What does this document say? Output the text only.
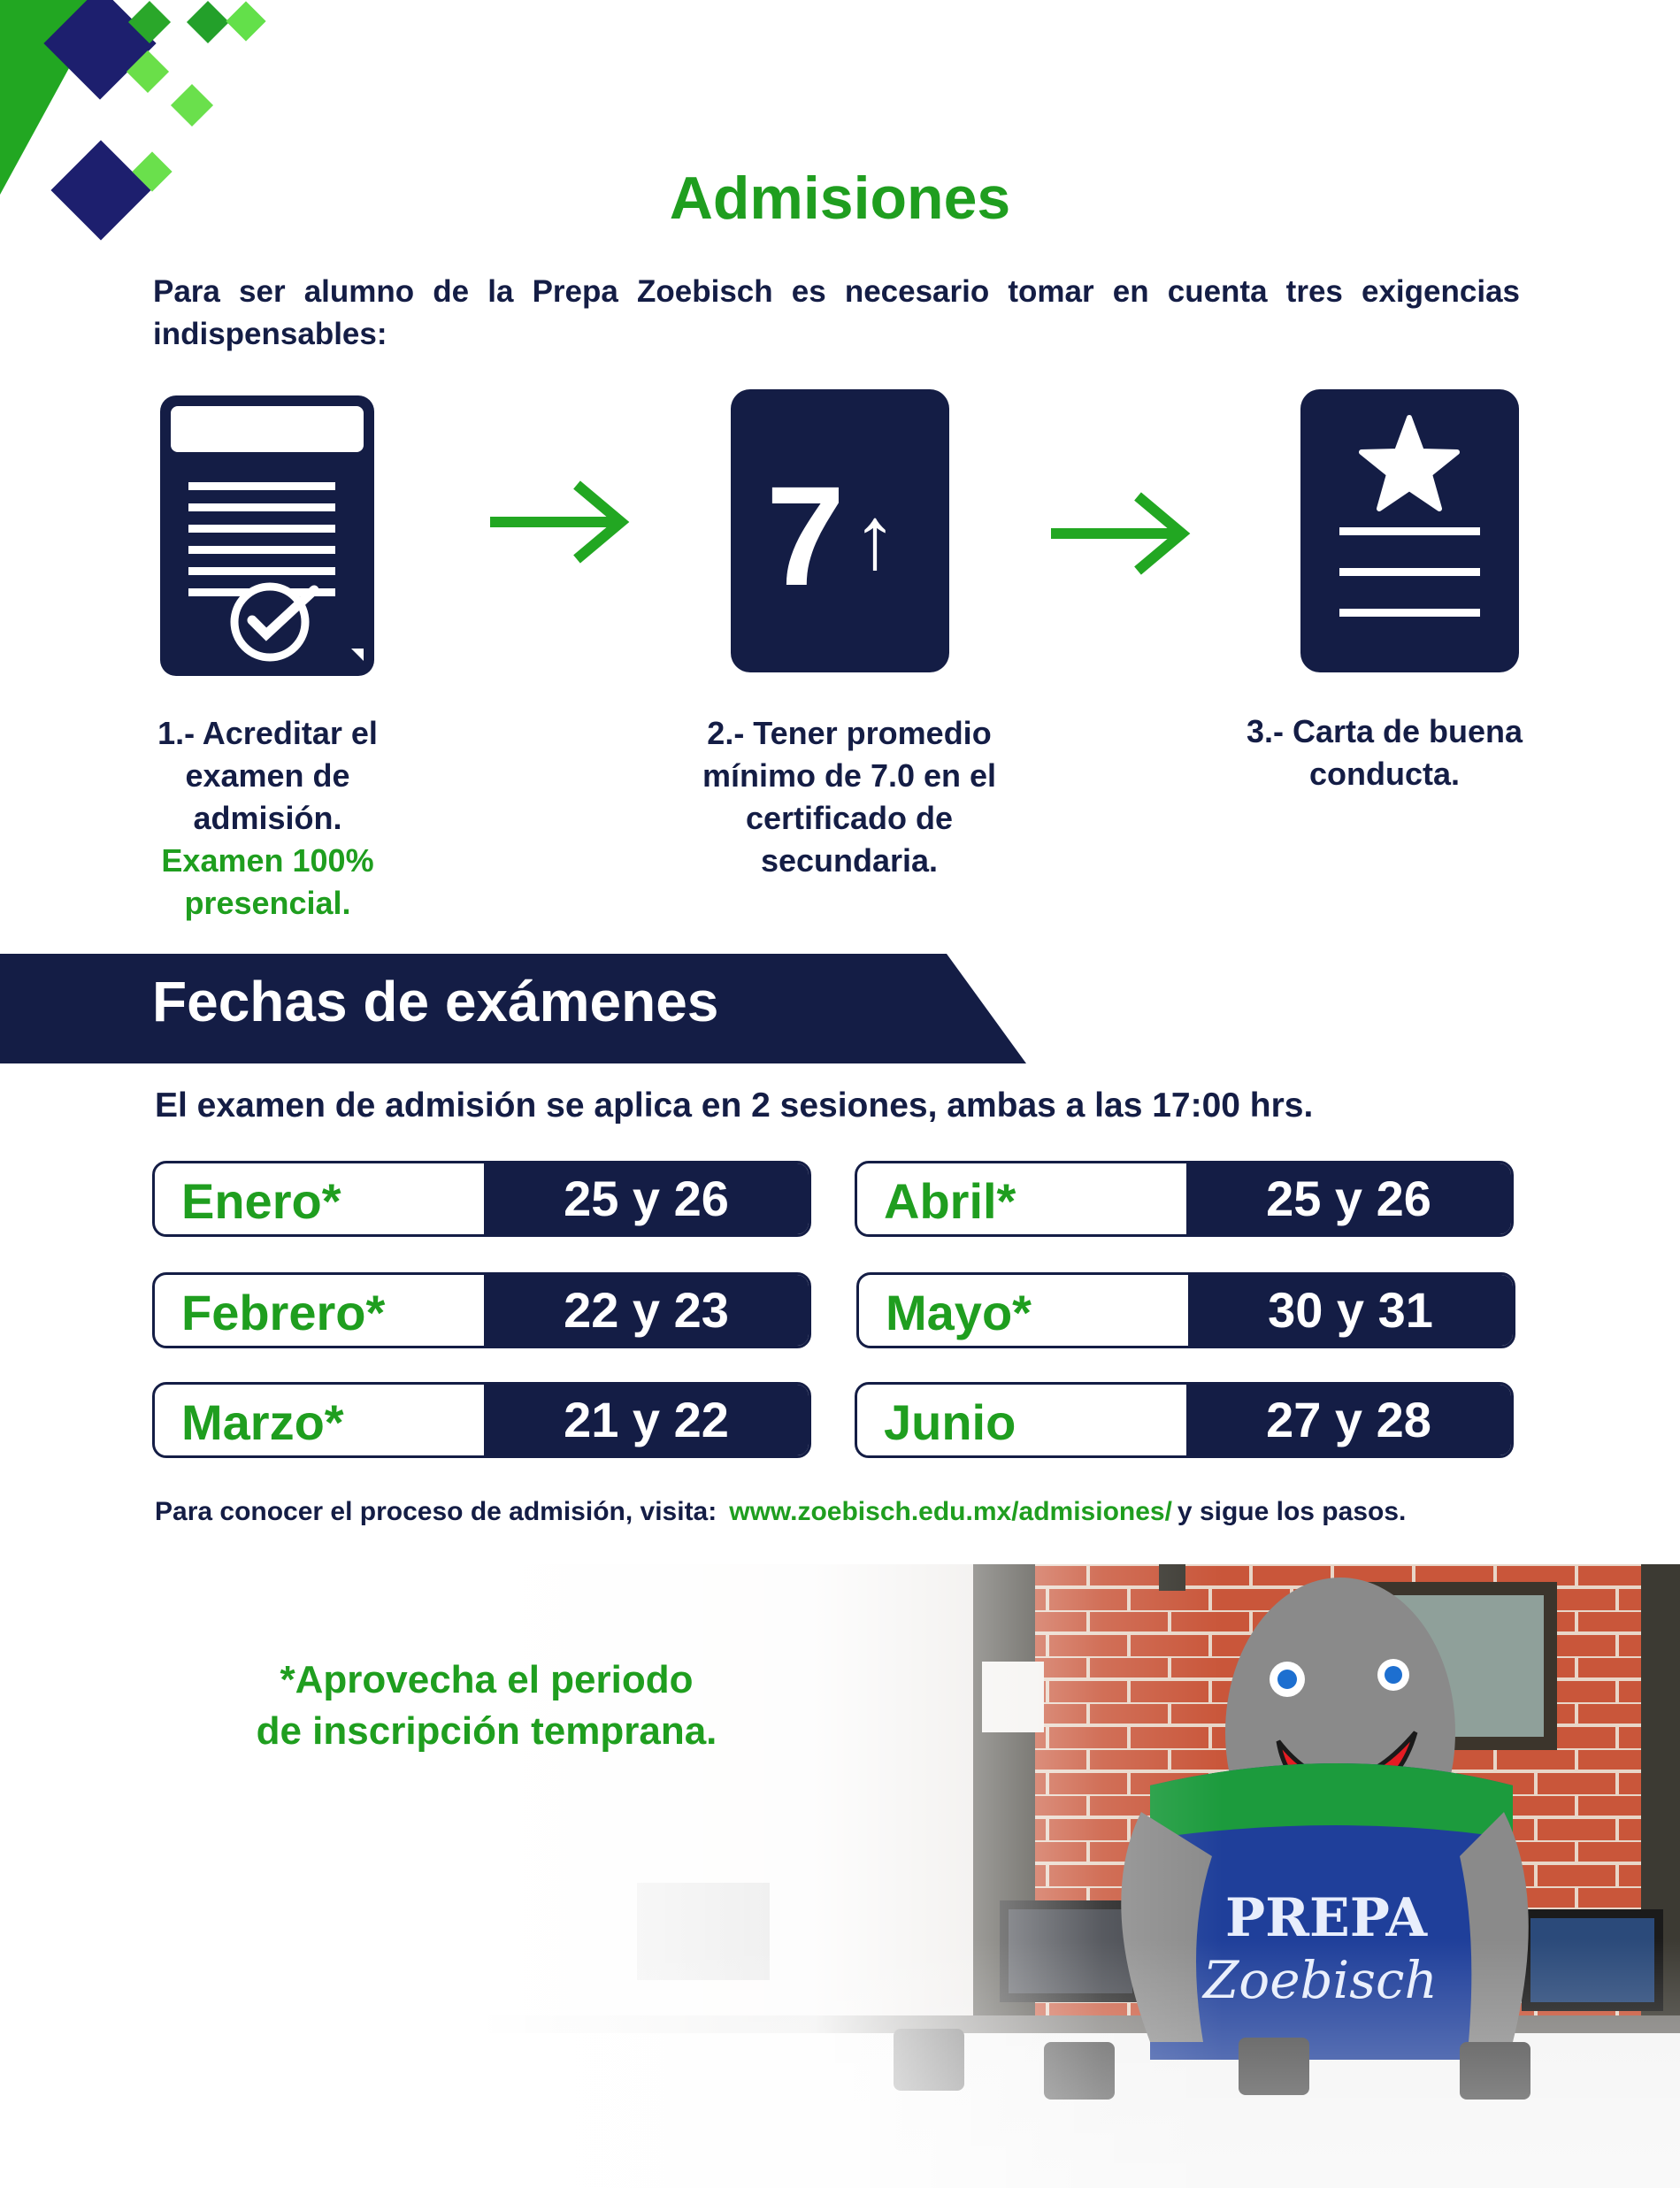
Admisiones
Para ser alumno de la Prepa Zoebisch es necesario tomar en cuenta tres exigencias indispensables:
7 ↑
1.- Acreditar el
examen de
admisión.
Examen 100%
presencial.
2.- Tener promedio
mínimo de 7.0 en el
certificado de
secundaria.
3.- Carta de buena
conducta.
Fechas de exámenes
El examen de admisión se aplica en 2 sesiones, ambas a las 17:00 hrs.
Enero*	25 y 26
Febrero*	22 y 23
Marzo*	21 y 22
Abril*	25 y 26
Mayo*	30 y 31
Junio	27 y 28
Para conocer el proceso de admisión, visita: www.zoebisch.edu.mx/admisiones/ y sigue los pasos.
*Aprovecha el periodo
de inscripción temprana.
